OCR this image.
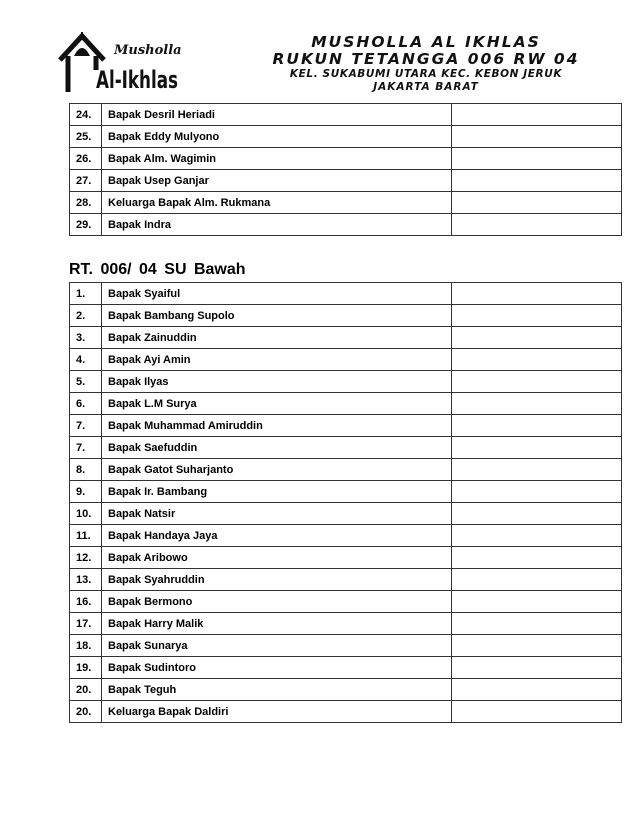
Musholla
Al-Ikhlas
MUSHOLLA AL IKHLAS
RUKUN TETANGGA 006 RW 04
KEL. SUKABUMI UTARA KEC. KEBON JERUK
JAKARTA BARAT
24.	Bapak Desril Heriadi	
25.	Bapak Eddy Mulyono	
26.	Bapak Alm. Wagimin	
27.	Bapak Usep Ganjar	
28.	Keluarga Bapak Alm. Rukmana	
29.	Bapak Indra	
RT. 006/ 04 SU Bawah
1.	Bapak Syaiful	
2.	Bapak Bambang Supolo	
3.	Bapak Zainuddin	
4.	Bapak Ayi Amin	
5.	Bapak Ilyas	
6.	Bapak L.M Surya	
7.	Bapak Muhammad Amiruddin	
7.	Bapak Saefuddin	
8.	Bapak Gatot Suharjanto	
9.	Bapak Ir. Bambang	
10.	Bapak Natsir	
11.	Bapak Handaya Jaya	
12.	Bapak Aribowo	
13.	Bapak Syahruddin	
16.	Bapak Bermono	
17.	Bapak Harry Malik	
18.	Bapak Sunarya	
19.	Bapak Sudintoro	
20.	Bapak Teguh	
20.	Keluarga Bapak Daldiri	
